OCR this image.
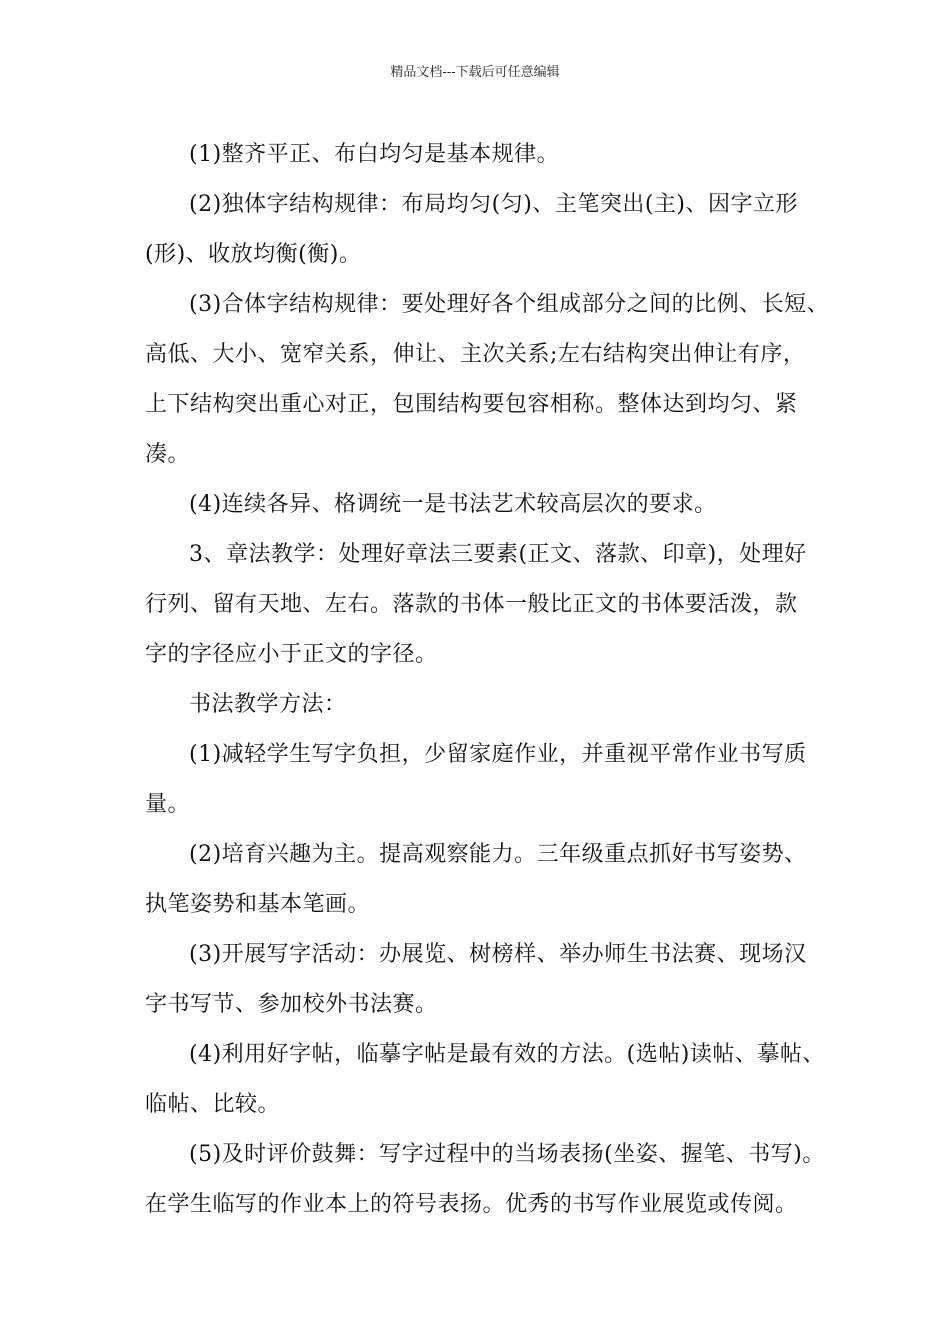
精品文档---下载后可任意编辑
(1)整齐平正、布白均匀是基本规律。
(2)独体字结构规律：布局均匀(匀)、主笔突出(主)、因字立形
(形)、收放均衡(衡)。
(3)合体字结构规律：要处理好各个组成部分之间的比例、长短、
高低、大小、宽窄关系，伸让、主次关系;左右结构突出伸让有序，
上下结构突出重心对正，包围结构要包容相称。整体达到均匀、紧
凑。
(4)连续各异、格调统一是书法艺术较高层次的要求。
3、章法教学：处理好章法三要素(正文、落款、印章)，处理好
行列、留有天地、左右。落款的书体一般比正文的书体要活泼，款
字的字径应小于正文的字径。
书法教学方法：
(1)减轻学生写字负担，少留家庭作业，并重视平常作业书写质
量。
(2)培育兴趣为主。提高观察能力。三年级重点抓好书写姿势、
执笔姿势和基本笔画。
(3)开展写字活动：办展览、树榜样、举办师生书法赛、现场汉
字书写节、参加校外书法赛。
(4)利用好字帖，临摹字帖是最有效的方法。(选帖)读帖、摹帖、
临帖、比较。
(5)及时评价鼓舞：写字过程中的当场表扬(坐姿、握笔、书写)。
在学生临写的作业本上的符号表扬。优秀的书写作业展览或传阅。
